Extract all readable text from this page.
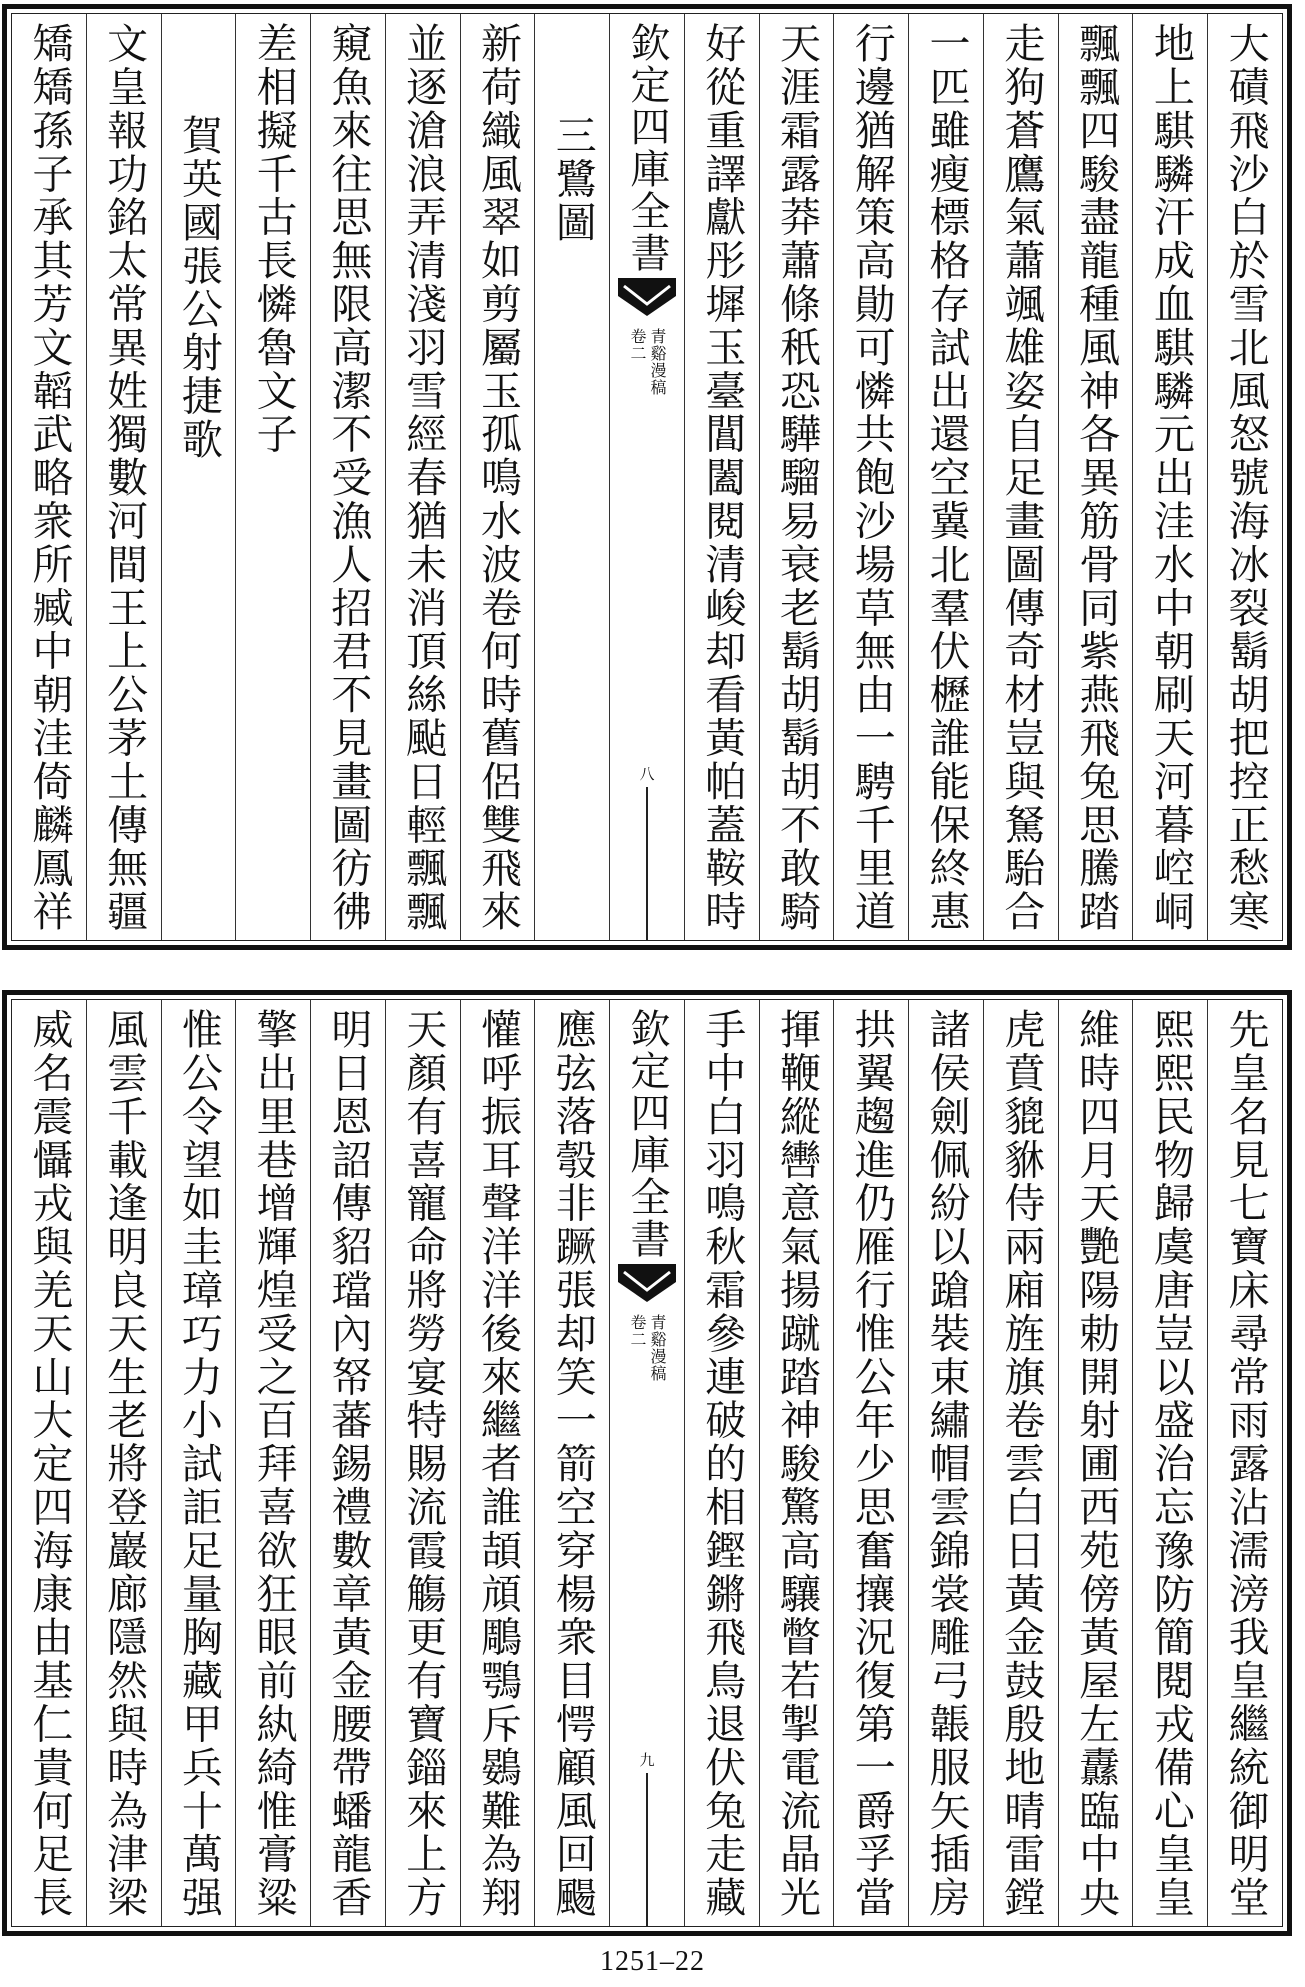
大磧飛沙白於雪北風怒號海冰裂鬍胡把控正愁寒
地上騏驎汗成血騏驎元出洼水中朝刷天河暮崆峒
飄飄四駿盡龍種風神各異筋骨同紫燕飛兔思騰踏
走狗蒼鷹氣蕭颯雄姿自足畫圖傳奇材豈與駑駘合
一匹雖瘦標格存試出還空冀北羣伏櫪誰能保終惠
行邊猶解策高勛可憐共飽沙場草無由一騁千里道
天涯霜露莽蕭條秖恐驊騮易衰老鬍胡鬍胡不敢騎
好從重譯獻彤墀玉臺閶闔閱清峻却看黃帕蓋鞍時
欽定四庫全書
青谿漫稿
卷二
八
三鷺圖
新荷織風翠如剪屬玉孤鳴水波卷何時舊侶雙飛來
並逐滄浪弄清淺羽雪經春猶未消頂絲颭日輕飄飄
窺魚來往思無限高潔不受漁人招君不見畫圖彷彿
差相擬千古長憐魯文子
賀英國張公射捷歌
文皇報功銘太常異姓獨數河間王上公茅土傳無疆
矯矯孫子承其芳文韜武略衆所臧中朝洼倚麟鳳祥
先皇名見七寶床尋常雨露沾濡滂我皇繼統御明堂
熙熙民物歸虞唐豈以盛治忘豫防簡閱戎備心皇皇
維時四月天艷陽勅開射圃西苑傍黃屋左纛臨中央
虎賁貔貅侍兩廂旌旗卷雲白日黃金鼓殷地晴雷鏜
諸侯劍佩紛以蹌裝束繡帽雲錦裳雕弓韔服矢插房
拱翼趨進仍雁行惟公年少思奮攘況復第一爵孚當
揮鞭縱轡意氣揚蹴踏神駿驚高驤瞥若掣電流晶光
手中白羽鳴秋霜參連破的相鏗鏘飛鳥退伏兔走藏
欽定四庫全書
青谿漫稿
卷二
九
應弦落彀非蹶張却笑一箭空穿楊衆目愕顧風回颺
懽呼振耳聲洋洋後來繼者誰頡頏鵰鶚斥鷃難為翔
天顏有喜寵命將勞宴特賜流霞觴更有寶錙來上方
明日恩詔傳貂璫內帑蕃錫禮數章黃金腰帶蟠龍香
擎出里巷增輝煌受之百拜喜欲狂眼前紈綺惟膏粱
惟公令望如圭璋巧力小試詎足量胸藏甲兵十萬强
風雲千載逢明良天生老將登巖廊隱然與時為津梁
威名震懾戎與羌天山大定四海康由基仁貴何足長
1251–22
